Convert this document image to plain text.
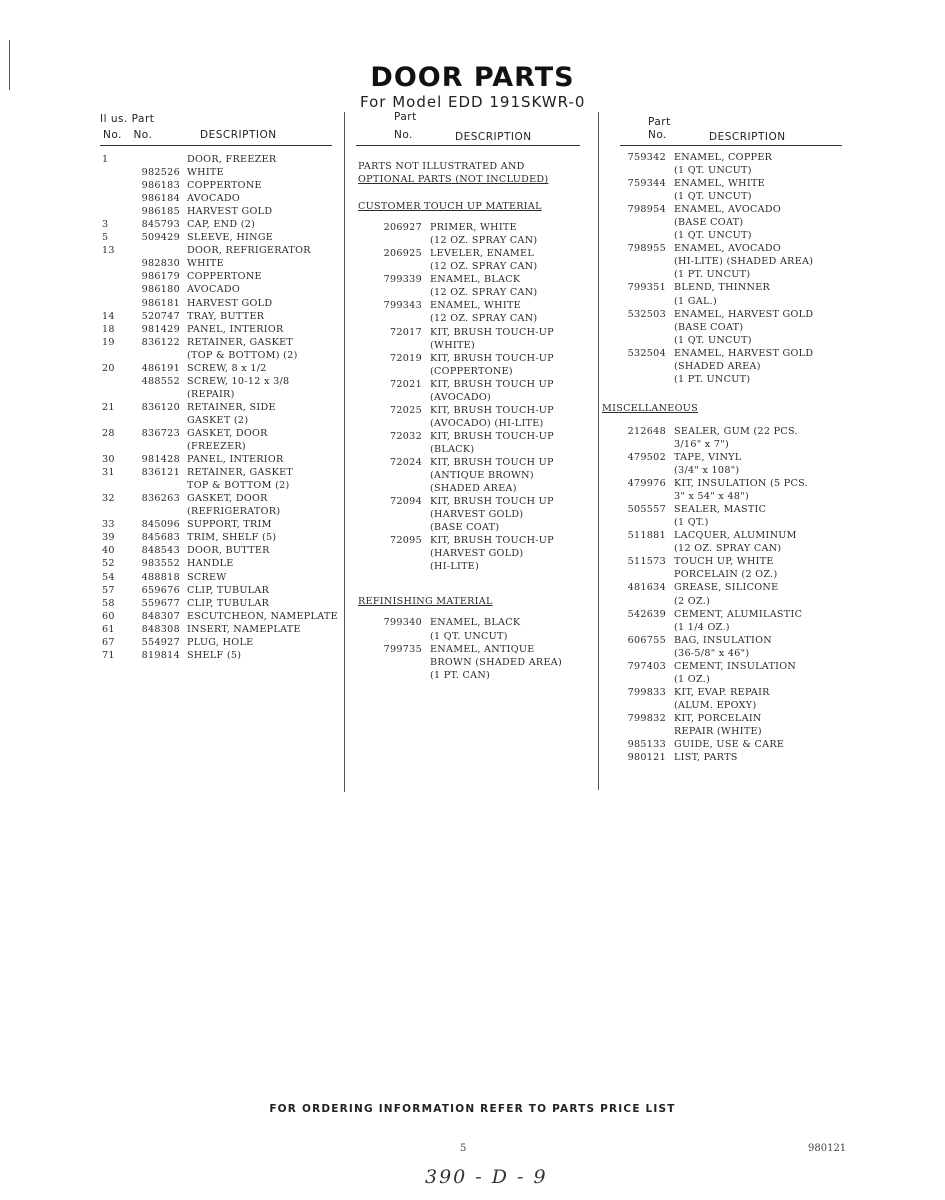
DOOR PARTS
For Model EDD 191SKWR-0
Il us. Part
No.   No.	DESCRIPTION
Part
No.	DESCRIPTION
Part
No.	DESCRIPTION
1	DOOR, FREEZER
982526 WHITE
986183 COPPERTONE
986184 AVOCADO
986185 HARVEST GOLD
3	845793 CAP, END (2)
5	509429 SLEEVE, HINGE
13	DOOR, REFRIGERATOR
982830 WHITE
986179 COPPERTONE
986180 AVOCADO
986181 HARVEST GOLD
14	520747 TRAY, BUTTER
18	981429 PANEL, INTERIOR
19	836122 RETAINER, GASKET
(TOP & BOTTOM) (2)
20	486191 SCREW, 8 x 1/2
488552 SCREW, 10-12 x 3/8
(REPAIR)
21	836120 RETAINER, SIDE
GASKET (2)
28	836723 GASKET, DOOR
(FREEZER)
30	981428 PANEL, INTERIOR
31	836121 RETAINER, GASKET
TOP & BOTTOM (2)
32	836263 GASKET, DOOR
(REFRIGERATOR)
33	845096 SUPPORT, TRIM
39	845683 TRIM, SHELF (5)
40	848543 DOOR, BUTTER
52	983552 HANDLE
54	488818 SCREW
57	659676 CLIP, TUBULAR
58	559677 CLIP, TUBULAR
60	848307 ESCUTCHEON, NAMEPLATE
61	848308 INSERT, NAMEPLATE
67	554927 PLUG, HOLE
71	819814 SHELF (5)
PARTS NOT ILLUSTRATED AND
OPTIONAL PARTS (NOT INCLUDED)
CUSTOMER TOUCH UP MATERIAL
206927 PRIMER, WHITE
(12 OZ. SPRAY CAN)
206925 LEVELER, ENAMEL
(12 OZ. SPRAY CAN)
799339 ENAMEL, BLACK
(12 OZ. SPRAY CAN)
799343 ENAMEL, WHITE
(12 OZ. SPRAY CAN)
72017 KIT, BRUSH TOUCH-UP
(WHITE)
72019 KIT, BRUSH TOUCH-UP
(COPPERTONE)
72021 KIT, BRUSH TOUCH UP
(AVOCADO)
72025 KIT, BRUSH TOUCH-UP
(AVOCADO) (HI-LITE)
72032 KIT, BRUSH TOUCH-UP
(BLACK)
72024 KIT, BRUSH TOUCH UP
(ANTIQUE BROWN)
(SHADED AREA)
72094 KIT, BRUSH TOUCH UP
(HARVEST GOLD)
(BASE COAT)
72095 KIT, BRUSH TOUCH-UP
(HARVEST GOLD)
(HI-LITE)
REFINISHING MATERIAL
799340 ENAMEL, BLACK
(1 QT. UNCUT)
799735 ENAMEL, ANTIQUE
BROWN (SHADED AREA)
(1 PT. CAN)
759342 ENAMEL, COPPER
(1 QT. UNCUT)
759344 ENAMEL, WHITE
(1 QT. UNCUT)
798954 ENAMEL, AVOCADO
(BASE COAT)
(1 QT. UNCUT)
798955 ENAMEL, AVOCADO
(HI-LITE) (SHADED AREA)
(1 PT. UNCUT)
799351 BLEND, THINNER
(1 GAL.)
532503 ENAMEL, HARVEST GOLD
(BASE COAT)
(1 QT. UNCUT)
532504 ENAMEL, HARVEST GOLD
(SHADED AREA)
(1 PT. UNCUT)
MISCELLANEOUS
212648 SEALER, GUM (22 PCS.
3/16" x 7")
479502 TAPE, VINYL
(3/4" x 108")
479976 KIT, INSULATION (5 PCS.
3" x 54" x 48")
505557 SEALER, MASTIC
(1 QT.)
511881 LACQUER, ALUMINUM
(12 OZ. SPRAY CAN)
511573 TOUCH UP, WHITE
PORCELAIN (2 OZ.)
481634 GREASE, SILICONE
(2 OZ.)
542639 CEMENT, ALUMILASTIC
(1 1/4 OZ.)
606755 BAG, INSULATION
(36-5/8" x 46")
797403 CEMENT, INSULATION
(1 OZ.)
799833 KIT, EVAP. REPAIR
(ALUM. EPOXY)
799832 KIT, PORCELAIN
REPAIR (WHITE)
985133 GUIDE, USE & CARE
980121 LIST, PARTS
FOR ORDERING INFORMATION REFER TO PARTS PRICE LIST
5	980121
390 - D - 9
